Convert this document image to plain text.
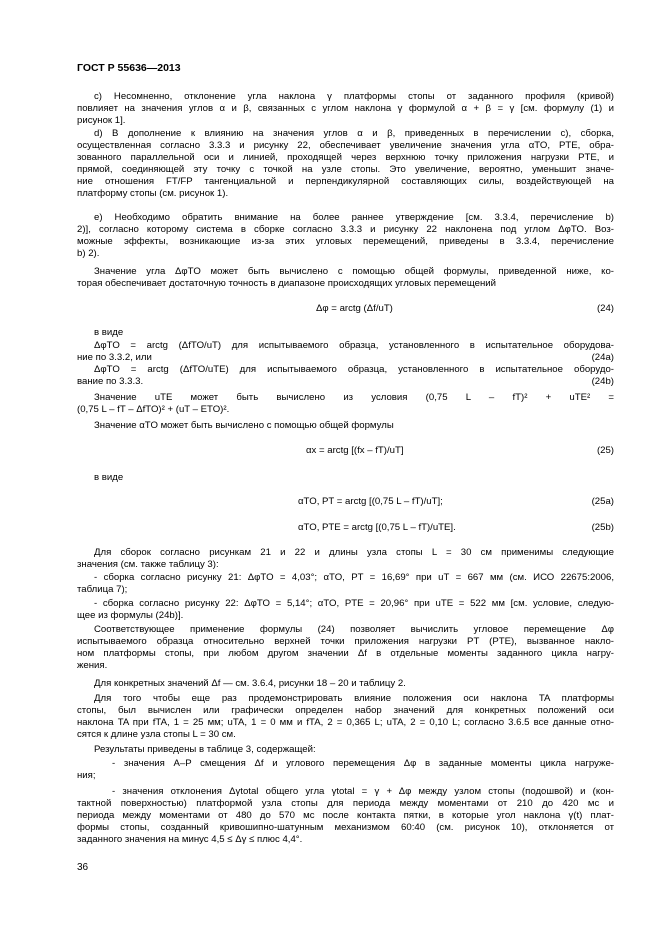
ГОСТ Р 55636—2013
c) Несомненно, отклонение угла наклона γ платформы стопы от заданного профиля (кривой)
повлияет на значения углов α и β, связанных с углом наклона γ формулой α + β = γ [см. формулу (1) и
рисунок 1].
d) В дополнение к влиянию на значения углов α и β, приведенных в перечислении c), сборка,
осуществленная согласно 3.3.3 и рисунку 22, обеспечивает увеличение значения угла αTO, PTE, обра-
зованного параллельной оси и линией, проходящей через верхнюю точку приложения нагрузки PTE, и
прямой, соединяющей эту точку с точкой на узле стопы. Это увеличение, вероятно, уменьшит значе-
ние отношения FT/FP тангенциальной и перпендикулярной составляющих силы, воздействующей на
платформу стопы (см. рисунок 1).
e) Необходимо обратить внимание на более раннее утверждение [см. 3.3.4, перечисление b)
2)], согласно которому система в сборке согласно 3.3.3 и рисунку 22 наклонена под углом ΔφTO. Воз-
можные эффекты, возникающие из-за этих угловых перемещений, приведены в 3.3.4, перечисление
b) 2).
Значение угла ΔφTO может быть вычислено с помощью общей формулы, приведенной ниже, ко-
торая обеспечивает достаточную точность в диапазоне происходящих угловых перемещений
Δφ = arctg (Δf/uT)	(24)
в виде
ΔφTO = arctg (ΔfTO/uT) для испытываемого образца, установленного в испытательное оборудова-
ние по 3.3.2, или	(24a)
ΔφTO = arctg (ΔfTO/uTE) для испытываемого образца, установленного в испытательное оборудо-
вание по 3.3.3.	(24b)
Значение uTE может быть вычислено из условия (0,75 L – fT)² + uTE² =
(0,75 L – fT – ΔfTO)² + (uT – ETO)².
Значение αTO может быть вычислено с помощью общей формулы
αx = arctg [(fx – fT)/uT]	(25)
в виде
αTO, PT = arctg [(0,75 L – fT)/uT];	(25a)
αTO, PTE = arctg [(0,75 L – fT)/uTE].	(25b)
Для сборок согласно рисункам 21 и 22 и длины узла стопы L = 30 см применимы следующие
значения (см. также таблицу 3):
- сборка согласно рисунку 21: ΔφTO = 4,03°; αTO, PT = 16,69° при uT = 667 мм (см. ИСО 22675:2006,
таблица 7);
- сборка согласно рисунку 22: ΔφTO = 5,14°; αTO, PTE = 20,96° при uTE = 522 мм [см. условие, следую-
щее из формулы (24b)].
Соответствующее применение формулы (24) позволяет вычислить угловое перемещение Δφ
испытываемого образца относительно верхней точки приложения нагрузки PT (PTE), вызванное накло-
ном платформы стопы, при любом другом значении Δf в отдельные моменты заданного цикла нагру-
жения.
Для конкретных значений Δf — см. 3.6.4, рисунки 18 – 20 и таблицу 2.
Для того чтобы еще раз продемонстрировать влияние положения оси наклона TA платформы
стопы, был вычислен или графически определен набор значений для конкретных положений оси
наклона TA при fTA, 1 = 25 мм; uTA, 1 = 0 мм и fTA, 2 = 0,365 L; uTA, 2 = 0,10 L; согласно 3.6.5 все данные отно-
сятся к длине узла стопы L = 30 см.
Результаты приведены в таблице 3, содержащей:
- значения A–P смещения Δf и углового перемещения Δφ в заданные моменты цикла нагруже-
ния;
- значения отклонения Δγtotal общего угла γtotal = γ + Δφ между узлом стопы (подошвой) и (кон-
тактной поверхностью) платформой узла стопы для периода между моментами от 210 до 420 мс и
периода между моментами от 480 до 570 мс после контакта пятки, в которые угол наклона γ(t) плат-
формы стопы, созданный кривошипно-шатунным механизмом 60:40 (см. рисунок 10), отклоняется от
заданного значения на минус 4,5 ≤ Δγ ≤ плюс 4,4°.
36
